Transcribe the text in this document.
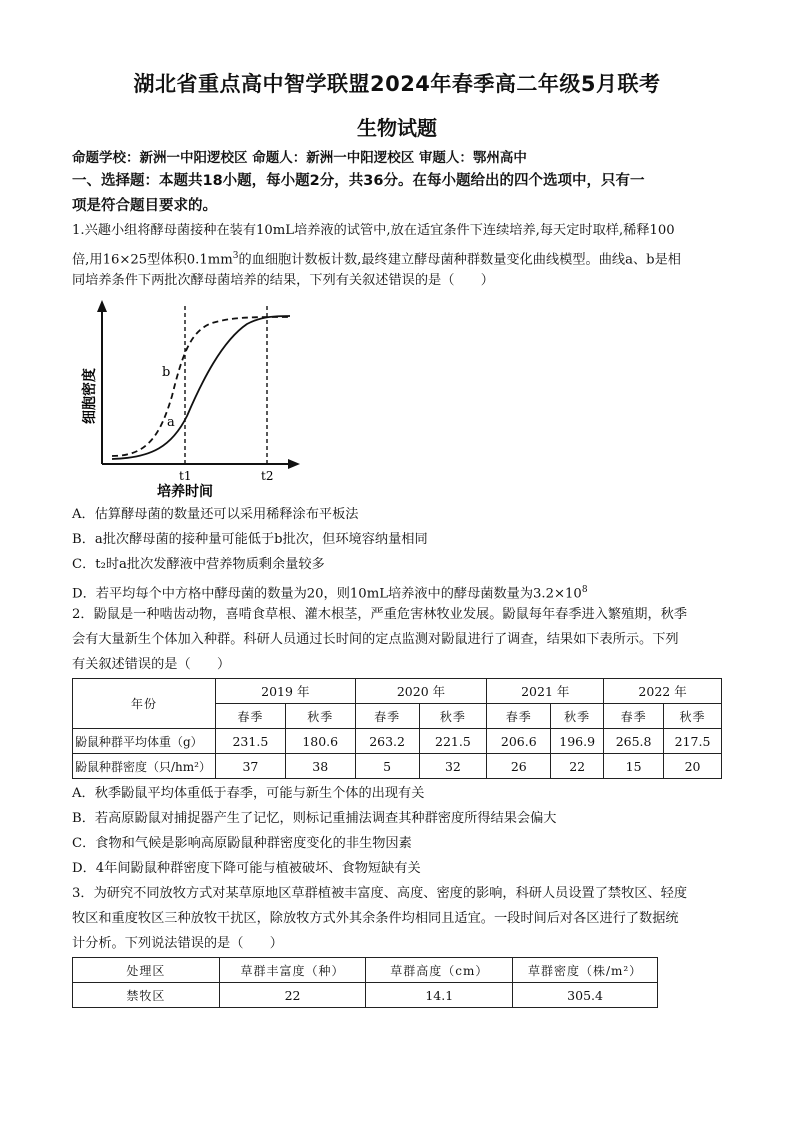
湖北省重点高中智学联盟2024年春季高二年级5月联考
生物试题
命题学校：新洲一中阳逻校区 命题人：新洲一中阳逻校区 审题人：鄂州高中
一、选择题：本题共18小题，每小题2分，共36分。在每小题给出的四个选项中，只有一
项是符合题目要求的。
1.兴趣小组将酵母菌接种在装有10mL培养液的试管中,放在适宜条件下连续培养,每天定时取样,稀释100
倍,用16×25型体积$0.1mm^3$的血细胞计数板计数,最终建立酵母菌种群数量变化曲线模型。曲线a、b是相
同培养条件下两批次酵母菌培养的结果，下列有关叙述错误的是（　　）
b
a
t1	t2
培养时间
细胞密度
A．估算酵母菌的数量还可以采用稀释涂布平板法
B．a批次酵母菌的接种量可能低于b批次，但环境容纳量相同
C．t₂时a批次发酵液中营养物质剩余量较多
D．若平均每个中方格中酵母菌的数量为20，则10mL培养液中的酵母菌数量为$3.2\times 10^8$
2．鼢鼠是一种啮齿动物，喜啃食草根、灌木根茎，严重危害林牧业发展。鼢鼠每年春季进入繁殖期，秋季
会有大量新生个体加入种群。科研人员通过长时间的定点监测对鼢鼠进行了调查，结果如下表所示。下列
有关叙述错误的是（　　）
年份	2019 年		2020 年		2021 年		2022 年	
	春季	秋季	春季	秋季	春季	秋季	春季	秋季
鼢鼠种群平均体重（g）	231.5	180.6	263.2	221.5	206.6	196.9	265.8	217.5
鼢鼠种群密度（只/hm²）	37	38	5	32	26	22	15	20
A．秋季鼢鼠平均体重低于春季，可能与新生个体的出现有关
B．若高原鼢鼠对捕捉器产生了记忆，则标记重捕法调查其种群密度所得结果会偏大
C．食物和气候是影响高原鼢鼠种群密度变化的非生物因素
D．4年间鼢鼠种群密度下降可能与植被破坏、食物短缺有关
3．为研究不同放牧方式对某草原地区草群植被丰富度、高度、密度的影响，科研人员设置了禁牧区、轻度
牧区和重度牧区三种放牧干扰区，除放牧方式外其余条件均相同且适宜。一段时间后对各区进行了数据统
计分析。下列说法错误的是（　　）
处理区	草群丰富度（种）	草群高度（cm）	草群密度（株/m²）
禁牧区	22	14.1	305.4
